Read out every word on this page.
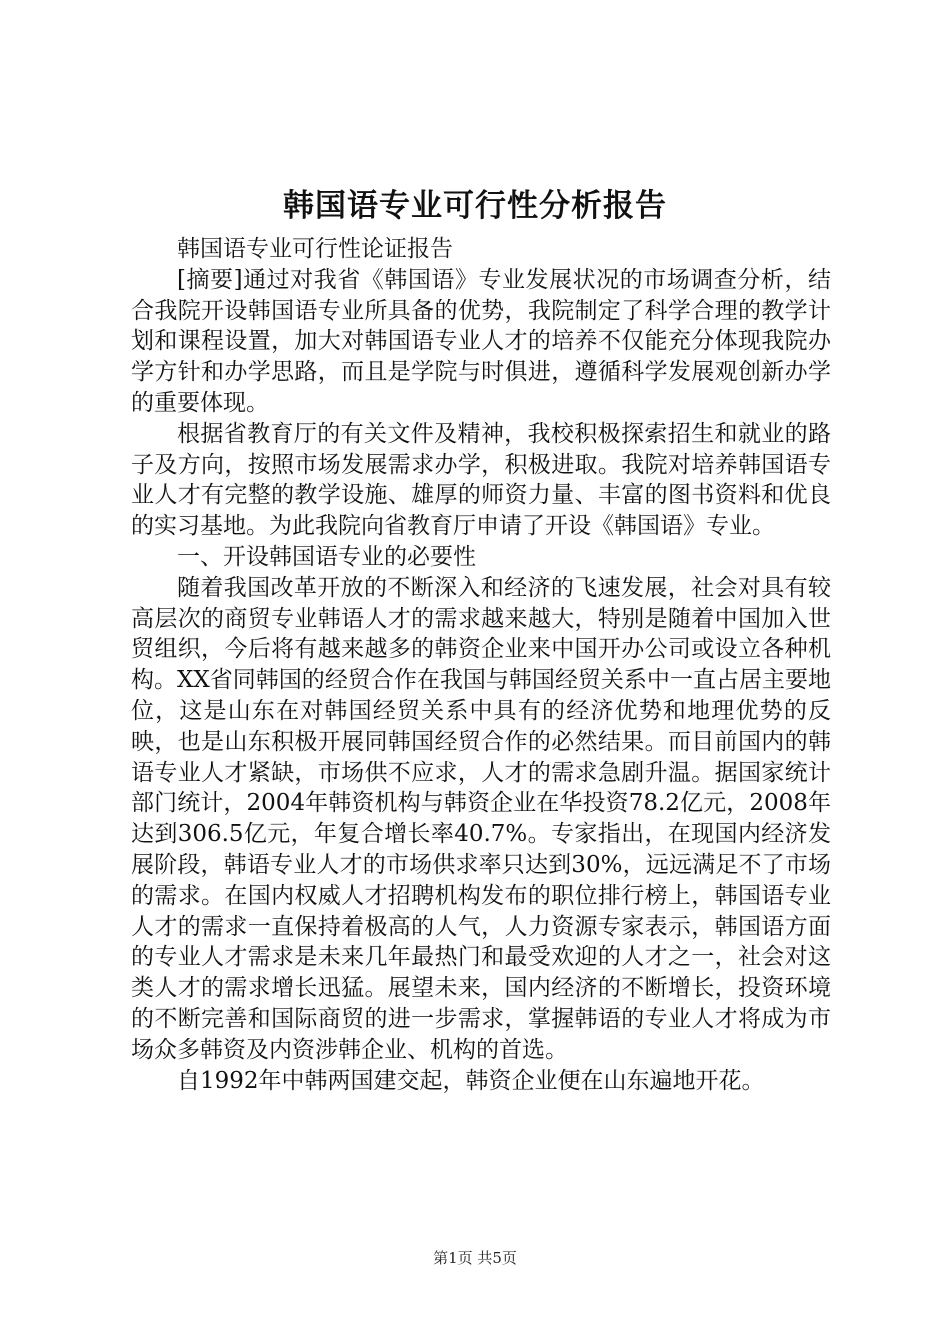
韩国语专业可行性分析报告

韩国语专业可行性论证报告

[摘要]通过对我省《韩国语》专业发展状况的市场调查分析，结合我院开设韩国语专业所具备的优势，我院制定了科学合理的教学计划和课程设置，加大对韩国语专业人才的培养不仅能充分体现我院办学方针和办学思路，而且是学院与时俱进，遵循科学发展观创新办学的重要体现。

根据省教育厅的有关文件及精神，我校积极探索招生和就业的路子及方向，按照市场发展需求办学，积极进取。我院对培养韩国语专业人才有完整的教学设施、雄厚的师资力量、丰富的图书资料和优良的实习基地。为此我院向省教育厅申请了开设《韩国语》专业。

一、开设韩国语专业的必要性

随着我国改革开放的不断深入和经济的飞速发展，社会对具有较高层次的商贸专业韩语人才的需求越来越大，特别是随着中国加入世贸组织，今后将有越来越多的韩资企业来中国开办公司或设立各种机构。XX省同韩国的经贸合作在我国与韩国经贸关系中一直占居主要地位，这是山东在对韩国经贸关系中具有的经济优势和地理优势的反映，也是山东积极开展同韩国经贸合作的必然结果。而目前国内的韩语专业人才紧缺，市场供不应求，人才的需求急剧升温。据国家统计部门统计，2004年韩资机构与韩资企业在华投资78.2亿元，2008年达到306.5亿元，年复合增长率40.7%。专家指出，在现国内经济发展阶段，韩语专业人才的市场供求率只达到30%，远远满足不了市场的需求。在国内权威人才招聘机构发布的职位排行榜上，韩国语专业人才的需求一直保持着极高的人气，人力资源专家表示，韩国语方面的专业人才需求是未来几年最热门和最受欢迎的人才之一，社会对这类人才的需求增长迅猛。展望未来，国内经济的不断增长，投资环境的不断完善和国际商贸的进一步需求，掌握韩语的专业人才将成为市场众多韩资及内资涉韩企业、机构的首选。

自1992年中韩两国建交起，韩资企业便在山东遍地开花。

第1页 共5页
